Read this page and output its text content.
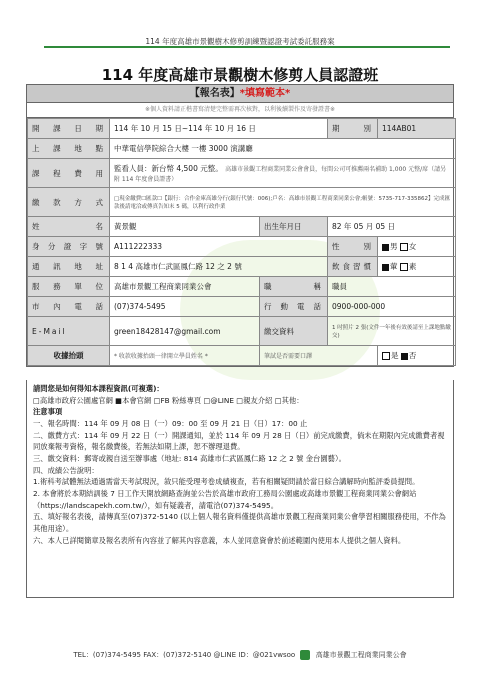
114 年度高雄市景觀樹木修剪訓練暨認證考試委託服務案
114 年度高雄市景觀樹木修剪人員認證班
【報名表】*填寫範本*
※個人資料請正楷書寫清楚完整需再次核對，以利後續製作及寄發證書※
開課日期	114 年 10 月 15 日~114 年 10 月 16 日		期別	114AB01
上課地點	中華電信學院綜合大樓 一樓 3000 演講廳			
課程費用	監看人員：新台幣 4,500 元整。 高雄市景觀工程商業同業公會會員，每間公司可推薦兩名補助 1,000 元整/席（請另附 114 年度會員證書）			
繳款方式	□現金繳費☐匯款☐【銀行：合作金庫高雄分行(銀行代號：006);戶名：高雄市景觀工程商業同業公會;帳號：5735-717-335862】完成匯款後請電洽或傳真告知末 5 碼，以利行政作業			
姓名	黃景觀	出生年月日	82 年 05 月 05 日	
身分證字號	A111222333		性別	男 女
通訊地址	8 1 4 高雄市仁武區鳳仁路 12 之 2 號		飲食習慣	葷 素
服務單位	高雄市景觀工程商業同業公會	職稱	職員	
市內電話	(07)374-5495	行動電話	0900-000-000	
E-Mail	green18428147@gmail.com	繳交資料	1 吋照片 2 張(文件一年後有效後請至上課地點繳交)	
收據抬頭	* 收款收據抬頭一律開立學員姓名 *	筆試是否需要口譯		是 否

請問您是如何得知本課程資訊(可複選)：

□高雄市政府公園處官網 ■本會官網 □FB 粉絲專頁 □@LINE □親友介紹 □其他：

注意事項

一、報名時間：114 年 09 月 08 日（一）09：00 至 09 月 21 日（日）17：00 止

二、繳費方式：114 年 09 月 22 日（一）開課通知，並於 114 年 09 月 28 日（日）前完成繳費，倘未在期限內完成繳費者視同放棄報考資格，報名繳費後，若無法如期上課，恕不辦理退費。

三、繳交資料：郵寄或親自送至辦事處（地址: 814 高雄市仁武區鳳仁路 12 之 2 號 金台園藝）。

四、成績公告說明：

1.術科考試體無法通過需當天考試現況，敘只能受理考卷成績複查，若有相關疑問請於當日綜合講解時向監評委員提問。

2. 本會將於本期結訓後 7 日工作天開放網路查詢並公告於高雄市政府工務局公園處或高雄市景觀工程商業同業公會網站（https://landscapekh.com.tw/），如有疑義者，請電洽(07)374-5495。

五、填好報名表後，請傳真至(07)372-5140 (以上個人報名資料僅提供高雄市景觀工程商業同業公會學習相關服務使用，不作為其他用途）。

六、本人已詳閱簡章及報名表所有內容並了解其內容意義，本人並同意資會於前述範圍內使用本人提供之個人資料。

TEL：(07)374-5495 FAX：(07)372-5140 @LINE ID：@021vwsoo	高雄市景觀工程商業同業公會
